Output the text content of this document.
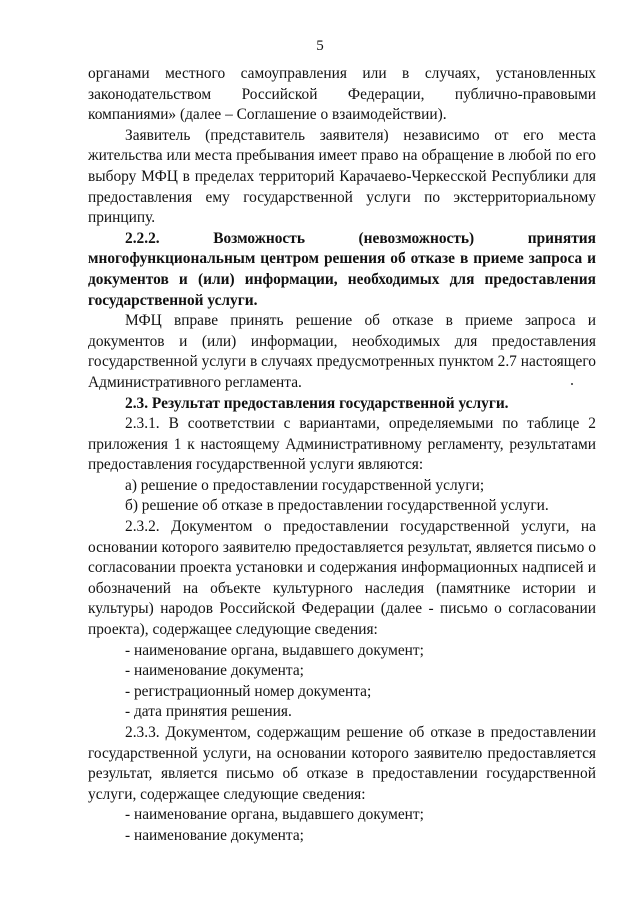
5

органами местного самоуправления или в случаях, установленных законодательством Российской Федерации, публично-правовыми компаниями» (далее – Соглашение о взаимодействии).

Заявитель (представитель заявителя) независимо от его места жительства или места пребывания имеет право на обращение в любой по его выбору МФЦ в пределах территорий Карачаево-Черкесской Республики для предоставления ему государственной услуги по экстерриториальному принципу.

2.2.2. Возможность (невозможность) принятия многофункциональным центром решения об отказе в приеме запроса и документов и (или) информации, необходимых для предоставления государственной услуги.

МФЦ вправе принять решение об отказе в приеме запроса и документов и (или) информации, необходимых для предоставления государственной услуги в случаях предусмотренных пунктом 2.7 настоящего Административного регламента.

2.3. Результат предоставления государственной услуги.

2.3.1. В соответствии с вариантами, определяемыми по таблице 2 приложения 1 к настоящему Административному регламенту, результатами предоставления государственной услуги являются:

а) решение о предоставлении государственной услуги;

б) решение об отказе в предоставлении государственной услуги.

2.3.2. Документом о предоставлении государственной услуги, на основании которого заявителю предоставляется результат, является письмо о согласовании проекта установки и содержания информационных надписей и обозначений на объекте культурного наследия (памятнике истории и культуры) народов Российской Федерации (далее - письмо о согласовании проекта), содержащее следующие сведения:

- наименование органа, выдавшего документ;

- наименование документа;

- регистрационный номер документа;

- дата принятия решения.

2.3.3. Документом, содержащим решение об отказе в предоставлении государственной услуги, на основании которого заявителю предоставляется результат, является письмо об отказе в предоставлении государственной услуги, содержащее следующие сведения:

- наименование органа, выдавшего документ;

- наименование документа;
